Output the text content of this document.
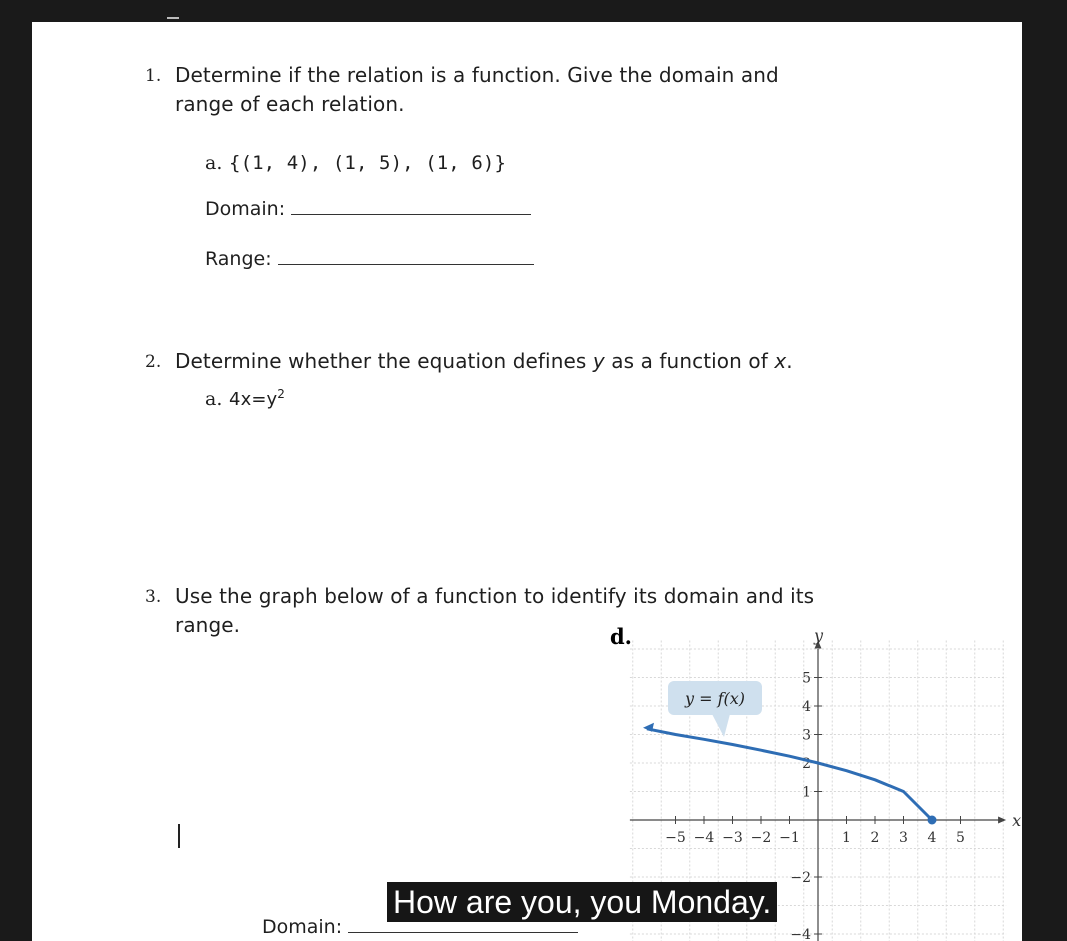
1. Determine if the relation is a function. Give the domain and
range of each relation.
a. {(1, 4), (1, 5), (1, 6)}
Domain:
Range:
2. Determine whether the equation defines y as a function of x.
a. $4x=y^2$
3. Use the graph below of a function to identify its domain and its
range.	d.
Domain:
−5 −4 −3 −2 −1	1 2 3 4 5
1
2
3
4
5
−2
−4
y = f(x)
y
x
How are you, you Monday.
